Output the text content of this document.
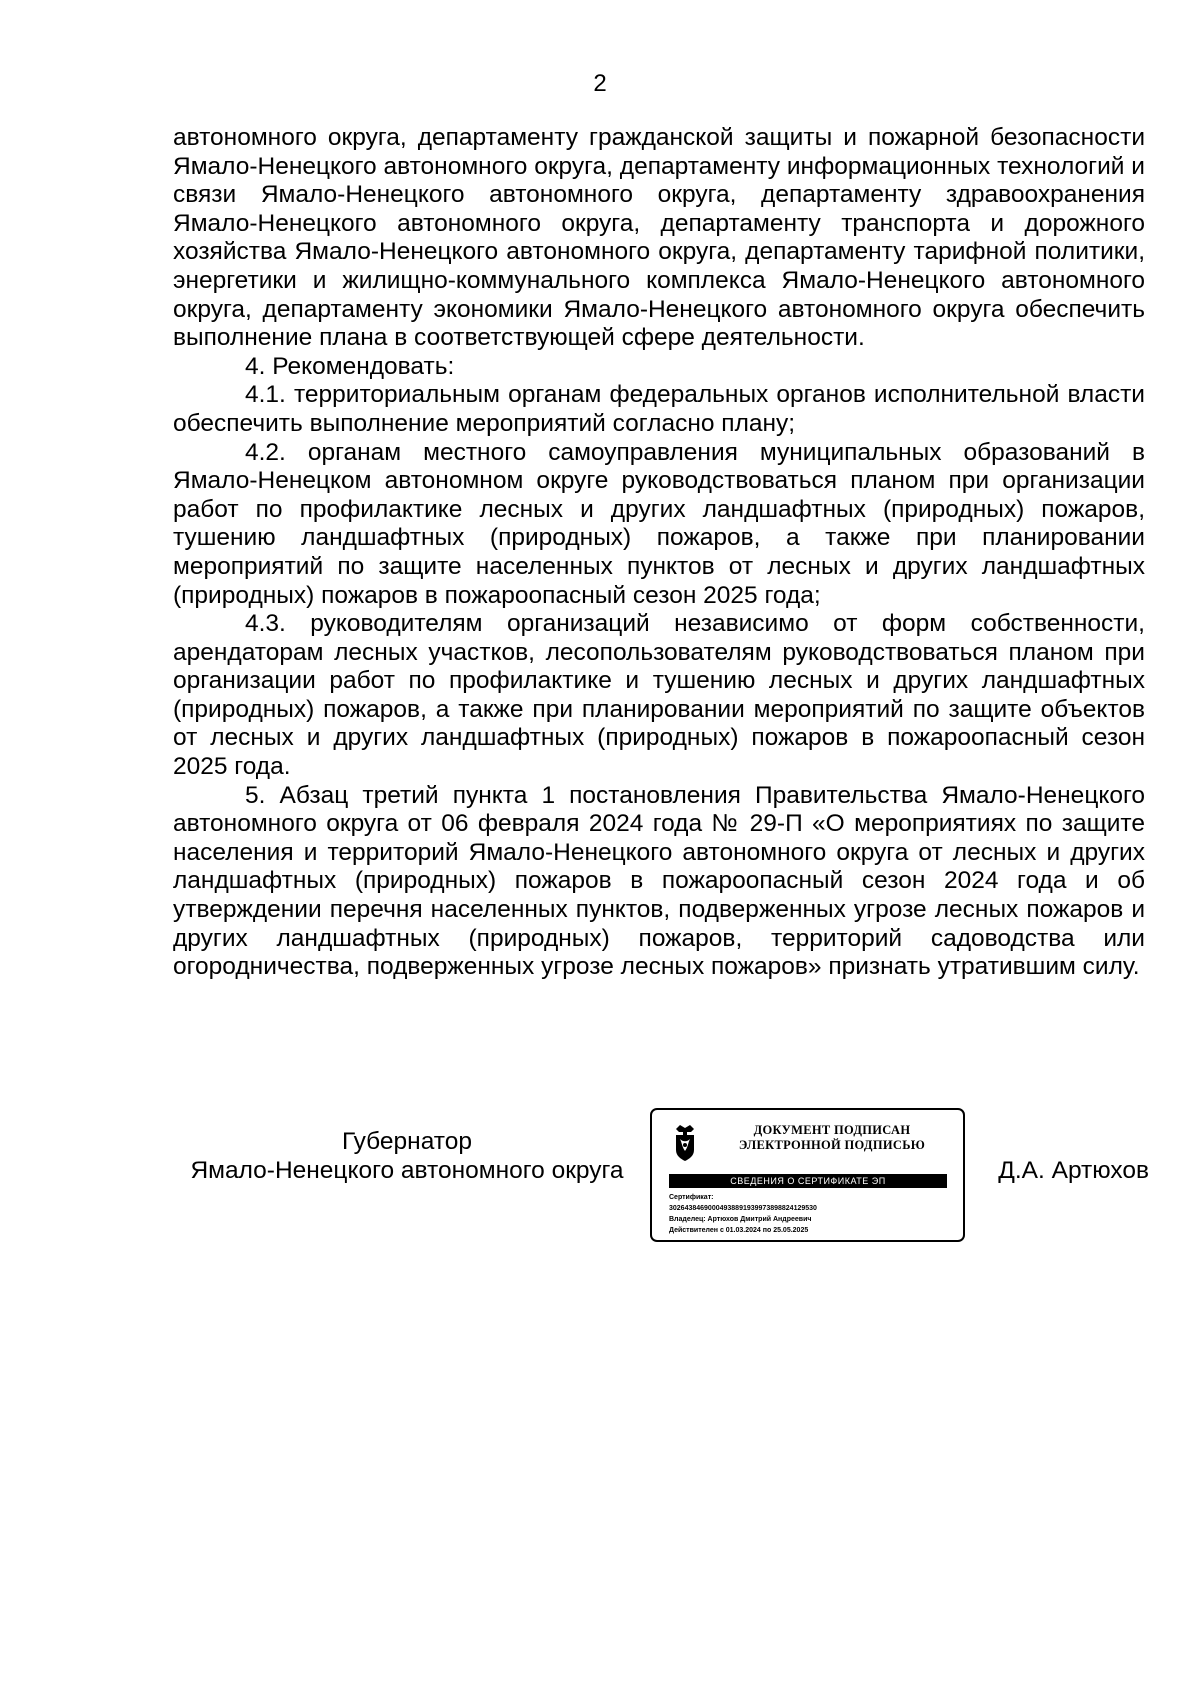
2

автономного округа, департаменту гражданской защиты и пожарной безопасности Ямало-Ненецкого автономного округа, департаменту информационных технологий и связи Ямало-Ненецкого автономного округа, департаменту здравоохранения Ямало-Ненецкого автономного округа, департаменту транспорта и дорожного хозяйства Ямало-Ненецкого автономного округа, департаменту тарифной политики, энергетики и жилищно-коммунального комплекса Ямало-Ненецкого автономного округа, департаменту экономики Ямало-Ненецкого автономного округа обеспечить выполнение плана в соответствующей сфере деятельности.

4. Рекомендовать:

4.1. территориальным органам федеральных органов исполнительной власти обеспечить выполнение мероприятий согласно плану;

4.2. органам местного самоуправления муниципальных образований в Ямало-Ненецком автономном округе руководствоваться планом при организации работ по профилактике лесных и других ландшафтных (природных) пожаров, тушению ландшафтных (природных) пожаров, а также при планировании мероприятий по защите населенных пунктов от лесных и других ландшафтных (природных) пожаров в пожароопасный сезон 2025 года;

4.3. руководителям организаций независимо от форм собственности, арендаторам лесных участков, лесопользователям руководствоваться планом при организации работ по профилактике и тушению лесных и других ландшафтных (природных) пожаров, а также при планировании мероприятий по защите объектов от лесных и других ландшафтных (природных) пожаров в пожароопасный сезон 2025 года.

5. Абзац третий пункта 1 постановления Правительства Ямало-Ненецкого автономного округа от 06 февраля 2024 года № 29-П «О мероприятиях по защите населения и территорий Ямало-Ненецкого автономного округа от лесных и других ландшафтных (природных) пожаров в пожароопасный сезон 2024 года и об утверждении перечня населенных пунктов, подверженных угрозе лесных пожаров и других ландшафтных (природных) пожаров, территорий садоводства или огородничества, подверженных угрозе лесных пожаров» признать утратившим силу.

Губернатор
Ямало-Ненецкого автономного округа
ДОКУМЕНТ ПОДПИСАН
ЭЛЕКТРОННОЙ ПОДПИСЬЮ
СВЕДЕНИЯ О СЕРТИФИКАТЕ ЭП
Сертификат:
30264384690004938891939973898824129530
Владелец: Артюхов Дмитрий Андреевич
Действителен с 01.03.2024 по 25.05.2025
Д.А. Артюхов
